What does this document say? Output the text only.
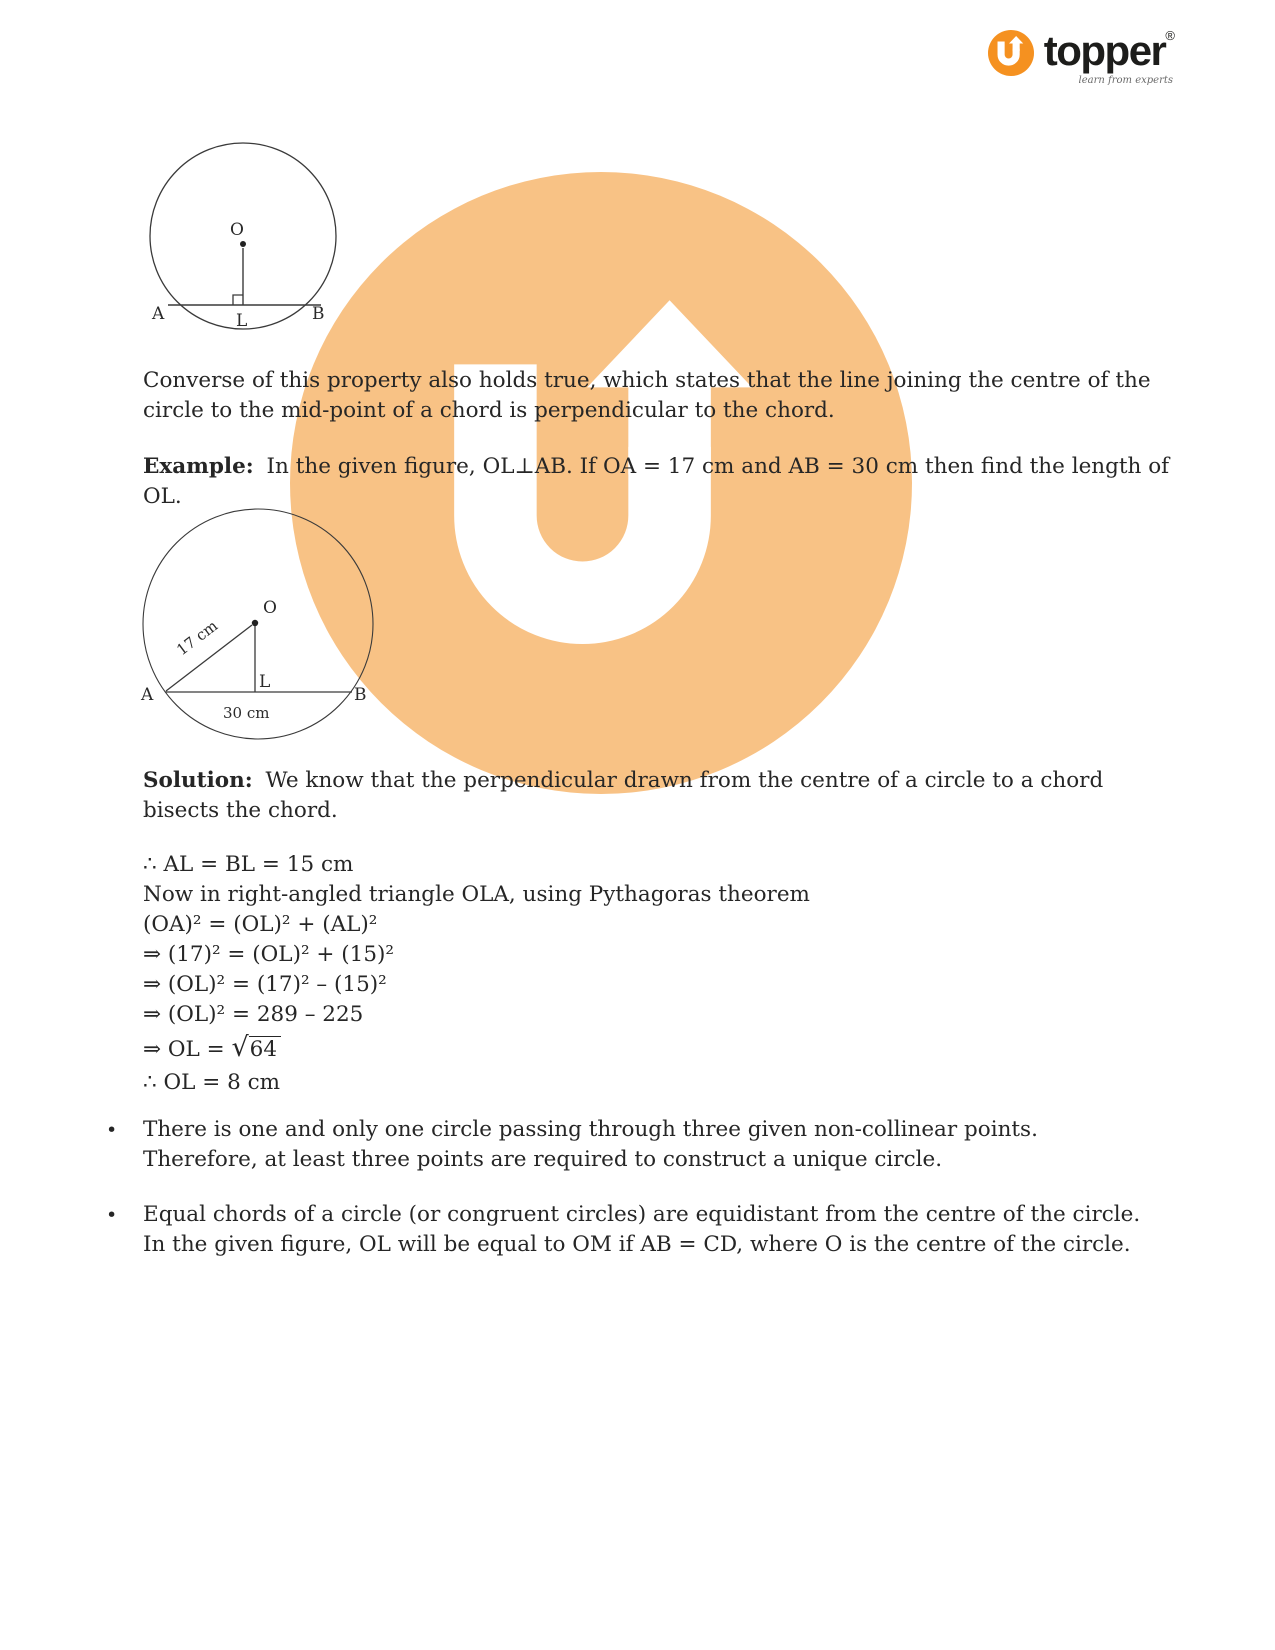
topper®
learn from experts
O
A	L	B
Converse of this property also holds true, which states that the line joining the centre of the
circle to the mid-point of a chord is perpendicular to the chord.
Example: In the given figure, OL⊥AB. If OA = 17 cm and AB = 30 cm then find the length of
OL.
O
A
L
B
17 cm
30 cm
Solution: We know that the perpendicular drawn from the centre of a circle to a chord
bisects the chord.
∴ AL = BL = 15 cm
Now in right-angled triangle OLA, using Pythagoras theorem
(OA)² = (OL)² + (AL)²
⇒ (17)² = (OL)² + (15)²
⇒ (OL)² = (17)² – (15)²
⇒ (OL)² = 289 – 225
⇒ OL = √64
∴ OL = 8 cm
•	There is one and only one circle passing through three given non-collinear points.
Therefore, at least three points are required to construct a unique circle.
•	Equal chords of a circle (or congruent circles) are equidistant from the centre of the circle.
In the given figure, OL will be equal to OM if AB = CD, where O is the centre of the circle.
